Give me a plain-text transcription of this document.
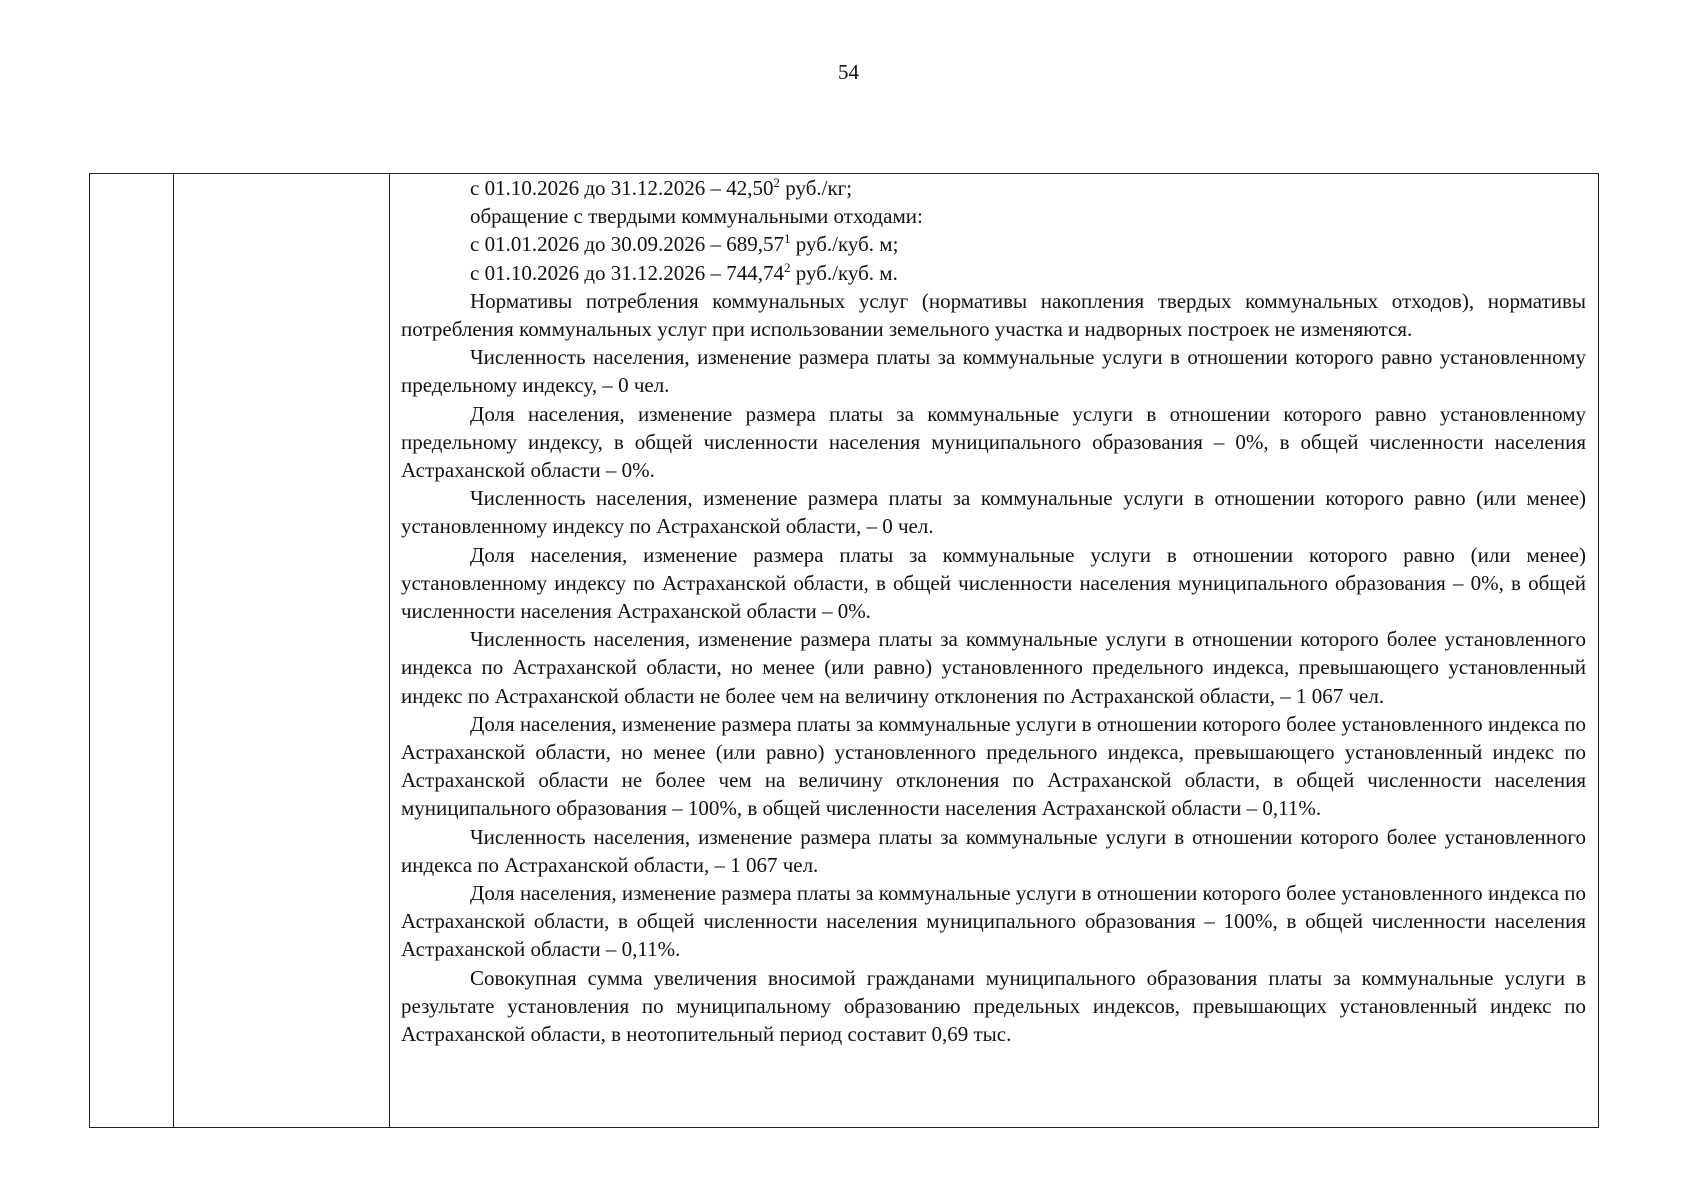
54

с 01.10.2026 до 31.12.2026 – 42,50$^2$ руб./кг;

обращение с твердыми коммунальными отходами:

с 01.01.2026 до 30.09.2026 – 689,57$^1$ руб./куб. м;

с 01.10.2026 до 31.12.2026 – 744,74$^2$ руб./куб. м.

Нормативы потребления коммунальных услуг (нормативы накопления твердых коммунальных отходов), нормативы потребления коммунальных услуг при использовании земельного участка и надворных построек не изменяются.

Численность населения, изменение размера платы за коммунальные услуги в отношении которого равно установленному предельному индексу, – 0 чел.

Доля населения, изменение размера платы за коммунальные услуги в отношении которого равно установленному предельному индексу, в общей численности населения муниципального образования – 0%, в общей численности населения Астраханской области – 0%.

Численность населения, изменение размера платы за коммунальные услуги в отношении которого равно (или менее) установленному индексу по Астраханской области, – 0 чел.

Доля населения, изменение размера платы за коммунальные услуги в отношении которого равно (или менее) установленному индексу по Астраханской области, в общей численности населения муниципального образования – 0%, в общей численности населения Астраханской области – 0%.

Численность населения, изменение размера платы за коммунальные услуги в отношении которого более установленного индекса по Астраханской области, но менее (или равно) установленного предельного индекса, превышающего установленный индекс по Астраханской области не более чем на величину отклонения по Астраханской области, – 1 067 чел.

Доля населения, изменение размера платы за коммунальные услуги в отношении которого более установленного индекса по Астраханской области, но менее (или равно) установленного предельного индекса, превышающего установленный индекс по Астраханской области не более чем на величину отклонения по Астраханской области, в общей численности населения муниципального образования – 100%, в общей численности населения Астраханской области – 0,11%.

Численность населения, изменение размера платы за коммунальные услуги в отношении которого более установленного индекса по Астраханской области, – 1 067 чел.

Доля населения, изменение размера платы за коммунальные услуги в отношении которого более установленного индекса по Астраханской области, в общей численности населения муниципального образования – 100%, в общей численности населения Астраханской области – 0,11%.

Совокупная сумма увеличения вносимой гражданами муниципального образования платы за коммунальные услуги в результате установления по муниципальному образованию предельных индексов, превышающих установленный индекс по Астраханской области, в неотопительный период составит 0,69 тыс.
